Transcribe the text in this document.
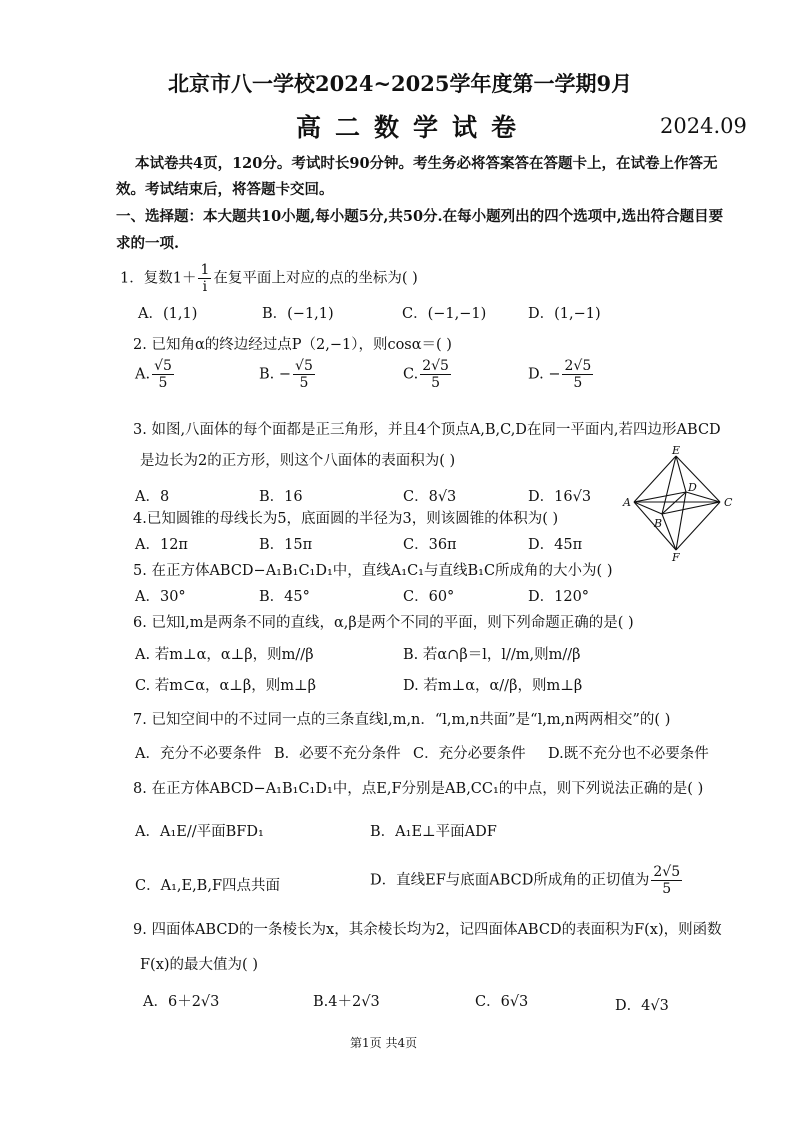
北京市八一学校2024~2025学年度第一学期9月
高二数学试卷	2024.09
本试卷共4页，120分。考试时长90分钟。考生务必将答案答在答题卡上，在试卷上作答无
效。考试结束后，将答题卡交回。
一、选择题：本大题共10小题,每小题5分,共50分.在每小题列出的四个选项中,选出符合题目要
求的一项.
1．复数$1+ \frac{1}{i}$ 在复平面上对应的点的坐标为( )
A．(1,1)	B．(−1,1)	C．(−1,−1)	D．(1,−1)
2. 已知角α的终边经过点P（2,−1），则cosα＝( )
A. $\frac{√5}{5}$	B. − $\frac{√5}{5}$	C. $\frac{2√5}{5}$	D. − $\frac{2√5}{5}$
3. 如图,八面体的每个面都是正三角形，并且4个顶点A,B,C,D在同一平面内,若四边形ABCD
是边长为2的正方形，则这个八面体的表面积为( )
A．8	B．16	C．8√3	D．16√3
E
A
B
D
C
F
4.已知圆锥的母线长为5，底面圆的半径为3，则该圆锥的体积为( )
A．12π	B．15π	C．36π	D．45π
5. 在正方体ABCD−A₁B₁C₁D₁中，直线A₁C₁与直线B₁C所成角的大小为( )
A．30°	B．45°	C．60°	D．120°
6. 已知l,m是两条不同的直线，α,β是两个不同的平面，则下列命题正确的是( )
A. 若m⊥α，α⊥β，则m//β	B. 若α∩β＝l，l//m,则m//β
C. 若m⊂α，α⊥β，则m⊥β	D. 若m⊥α，α//β，则m⊥β
7. 已知空间中的不过同一点的三条直线l,m,n．“l,m,n共面”是“l,m,n两两相交”的( )
A．充分不必要条件 B．必要不充分条件 C．充分必要条件 D.既不充分也不必要条件
8. 在正方体ABCD−A₁B₁C₁D₁中，点E,F分别是AB,CC₁的中点，则下列说法正确的是( )
A．A₁E//平面BFD₁	B．A₁E⊥平面ADF
C．A₁,E,B,F四点共面	D．直线EF与底面ABCD所成角的正切值为 $\frac{2√5}{5}$
9. 四面体ABCD的一条棱长为x，其余棱长均为2，记四面体ABCD的表面积为F(x)，则函数
F(x)的最大值为( )
A．6＋2√3	B.4＋2√3	C．6√3	D．4√3
第1页 共4页
